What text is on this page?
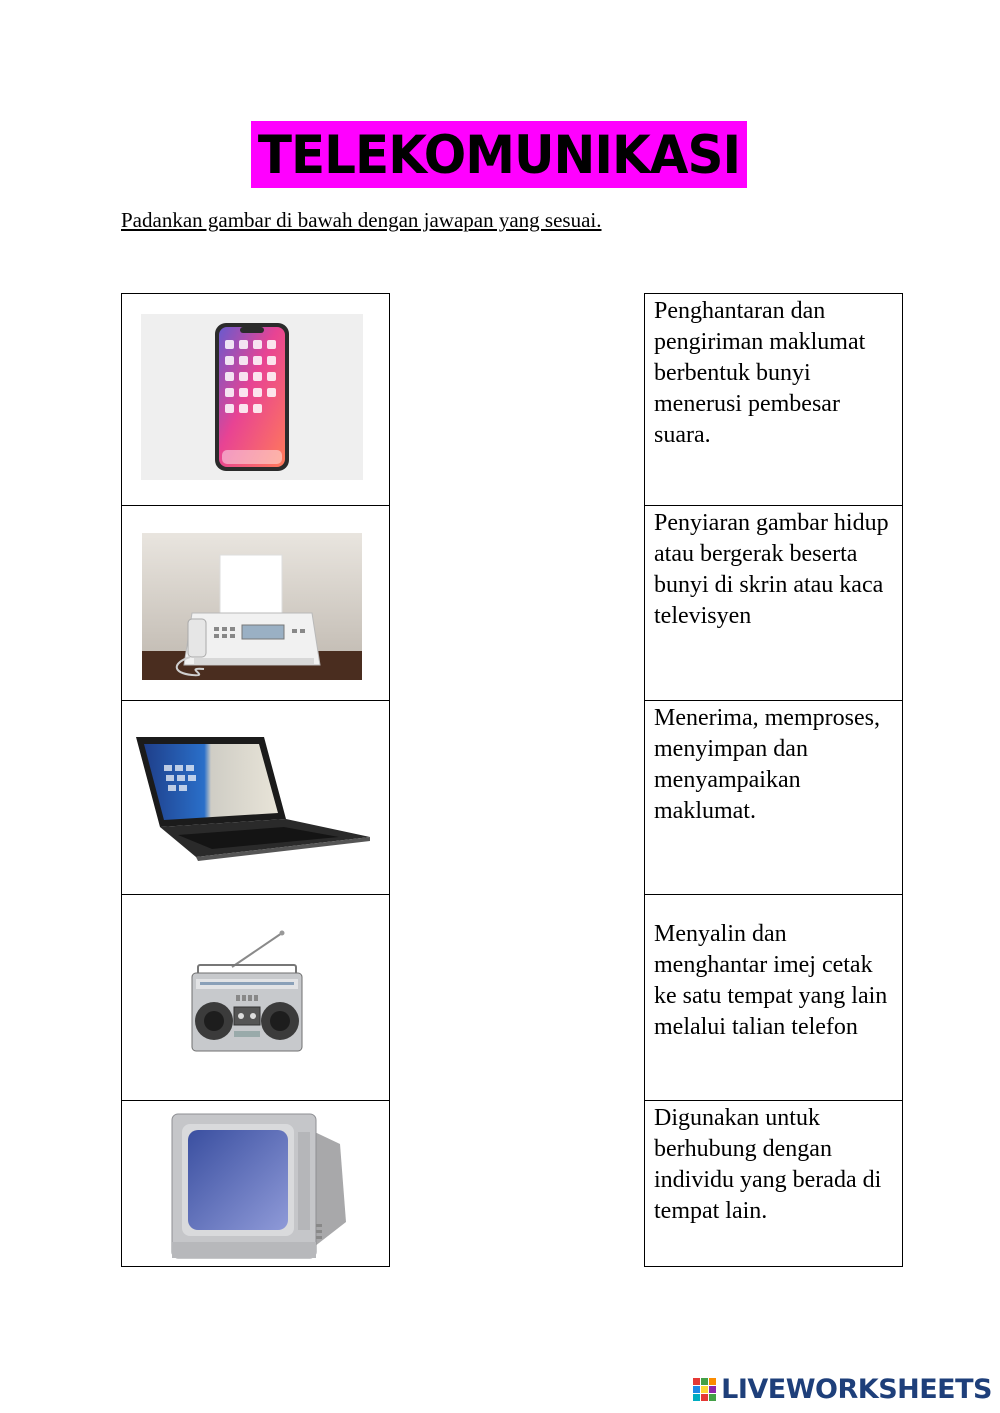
TELEKOMUNIKASI
Padankan gambar di bawah dengan jawapan yang sesuai.
Penghantaran dan pengiriman maklumat berbentuk bunyi menerusi pembesar suara.
Penyiaran gambar hidup atau bergerak beserta bunyi di skrin atau kaca televisyen
Menerima, memproses, menyimpan dan menyampaikan maklumat.
Menyalin dan menghantar imej cetak ke satu tempat yang lain melalui talian telefon
Digunakan untuk berhubung dengan individu yang berada di tempat lain.
LIVEWORKSHEETS
